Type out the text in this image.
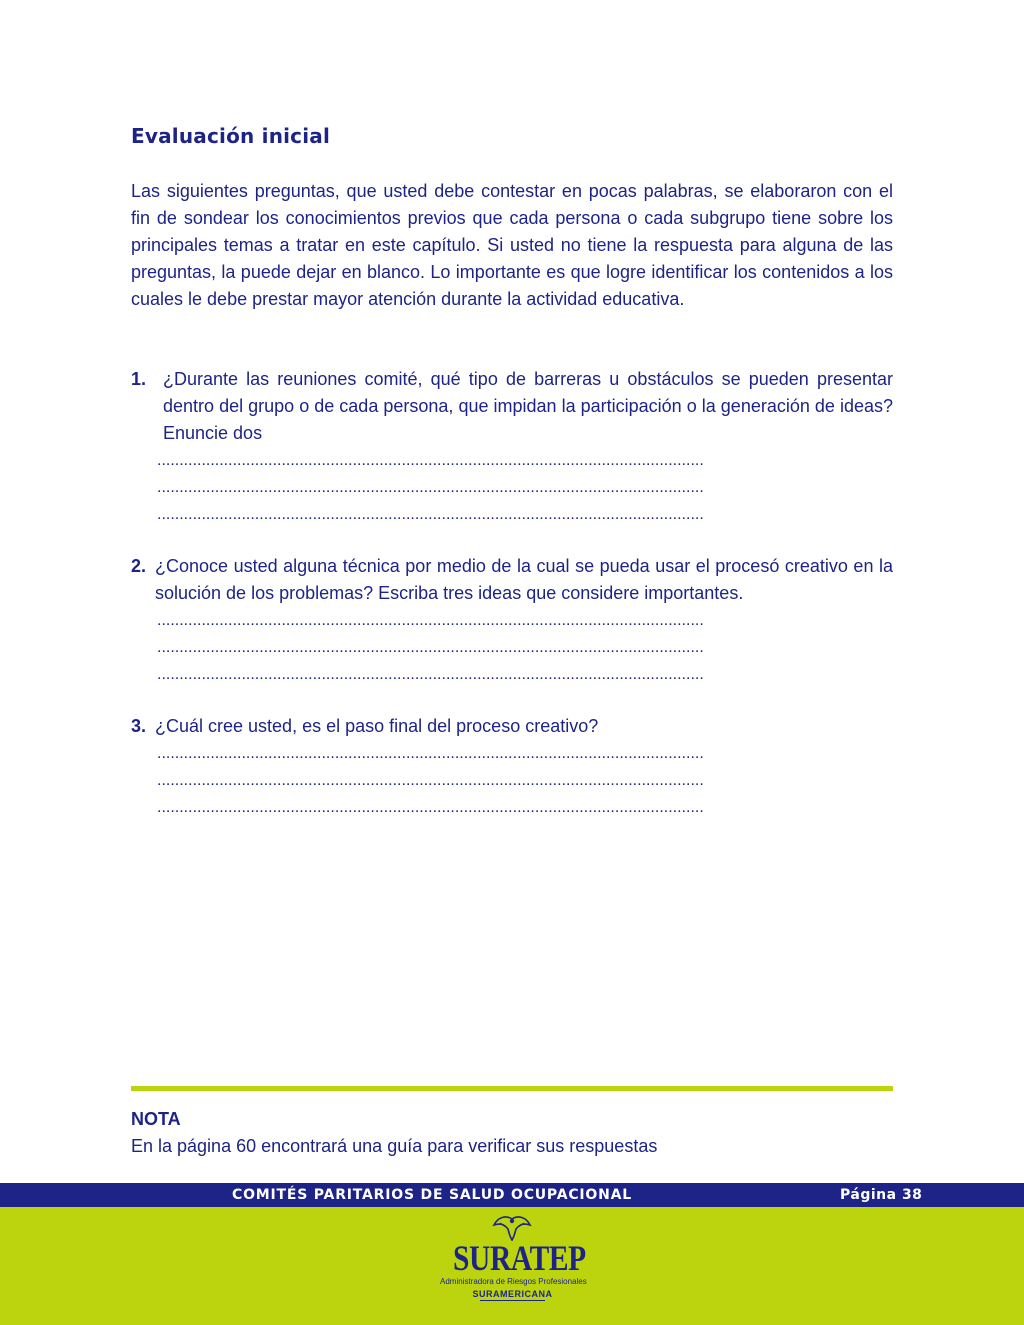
Evaluación inicial

Las siguientes preguntas, que usted debe contestar en pocas palabras, se elaboraron con el fin de sondear los conocimientos previos que cada persona o cada subgrupo tiene sobre los principales temas a tratar en este capítulo. Si usted no tiene la respuesta para alguna de las preguntas, la puede dejar en blanco. Lo importante es que logre identificar los contenidos a los cuales le debe prestar mayor atención durante la actividad educativa.

1. ¿Durante las reuniones comité, qué tipo de barreras u obstáculos se pueden presentar dentro del grupo o de cada persona, que impidan la participación o la generación de ideas? Enuncie dos

...........................................................................................................................
...........................................................................................................................
...........................................................................................................................
2. ¿Conoce usted alguna técnica por medio de la cual se pueda usar el procesó creativo en la solución de los problemas? Escriba tres ideas que considere importantes.

...........................................................................................................................
...........................................................................................................................
...........................................................................................................................
3. ¿Cuál cree usted, es el paso final del proceso creativo?

...........................................................................................................................
...........................................................................................................................
...........................................................................................................................
NOTA
En la página 60 encontrará una guía para verificar sus respuestas
COMITÉS PARITARIOS DE SALUD OCUPACIONAL	Página 38
SURATEP
Administradora de Riesgos Profesionales
SURAMERICANA
